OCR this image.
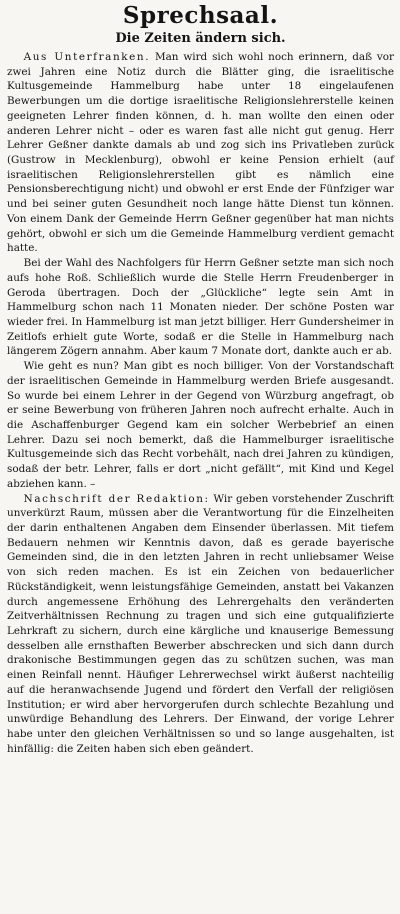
Sprechsaal.
Die Zeiten ändern sich.

Aus Unterfranken. Man wird sich wohl noch erinnern, daß vor zwei Jahren eine Notiz durch die Blätter ging, die israelitische Kultusgemeinde Hammelburg habe unter 18 eingelaufenen Bewerbungen um die dortige israelitische Religionslehrerstelle keinen geeigneten Lehrer finden können, d. h. man wollte den einen oder anderen Lehrer nicht – oder es waren fast alle nicht gut genug. Herr Lehrer Geßner dankte damals ab und zog sich ins Privatleben zurück (Gustrow in Mecklenburg), obwohl er keine Pension erhielt (auf israelitischen Religionslehrerstellen gibt es nämlich eine Pensionsberechtigung nicht) und obwohl er erst Ende der Fünfziger war und bei seiner guten Gesundheit noch lange hätte Dienst tun können. Von einem Dank der Gemeinde Herrn Geßner gegenüber hat man nichts gehört, obwohl er sich um die Gemeinde Hammelburg verdient gemacht hatte.

Bei der Wahl des Nachfolgers für Herrn Geßner setzte man sich noch aufs hohe Roß. Schließlich wurde die Stelle Herrn Freudenberger in Geroda übertragen. Doch der „Glückliche“ legte sein Amt in Hammelburg schon nach 11 Monaten nieder. Der schöne Posten war wieder frei. In Hammelburg ist man jetzt billiger. Herr Gundersheimer in Zeitlofs erhielt gute Worte, sodaß er die Stelle in Hammelburg nach längerem Zögern annahm. Aber kaum 7 Monate dort, dankte auch er ab.

Wie geht es nun? Man gibt es noch billiger. Von der Vorstandschaft der israelitischen Gemeinde in Hammelburg werden Briefe ausgesandt. So wurde bei einem Lehrer in der Gegend von Würzburg angefragt, ob er seine Bewerbung von früheren Jahren noch aufrecht erhalte. Auch in die Aschaffenburger Gegend kam ein solcher Werbebrief an einen Lehrer. Dazu sei noch bemerkt, daß die Hammelburger israelitische Kultusgemeinde sich das Recht vorbehält, nach drei Jahren zu kündigen, sodaß der betr. Lehrer, falls er dort „nicht gefällt“, mit Kind und Kegel abziehen kann. –

Nachschrift der Redaktion: Wir geben vorstehender Zuschrift unverkürzt Raum, müssen aber die Verantwortung für die Einzelheiten der darin enthaltenen Angaben dem Einsender überlassen. Mit tiefem Bedauern nehmen wir Kenntnis davon, daß es gerade bayerische Gemeinden sind, die in den letzten Jahren in recht unliebsamer Weise von sich reden machen. Es ist ein Zeichen von bedauerlicher Rückständigkeit, wenn leistungsfähige Gemeinden, anstatt bei Vakanzen durch angemessene Erhöhung des Lehrergehalts den veränderten Zeitverhältnissen Rechnung zu tragen und sich eine gutqualifizierte Lehrkraft zu sichern, durch eine kärgliche und knauserige Bemessung desselben alle ernsthaften Bewerber abschrecken und sich dann durch drakonische Bestimmungen gegen das zu schützen suchen, was man einen Reinfall nennt. Häufiger Lehrerwechsel wirkt äußerst nachteilig auf die heranwachsende Jugend und fördert den Verfall der religiösen Institution; er wird aber hervorgerufen durch schlechte Bezahlung und unwürdige Behandlung des Lehrers. Der Einwand, der vorige Lehrer habe unter den gleichen Verhältnissen so und so lange ausgehalten, ist hinfällig: die Zeiten haben sich eben geändert.
